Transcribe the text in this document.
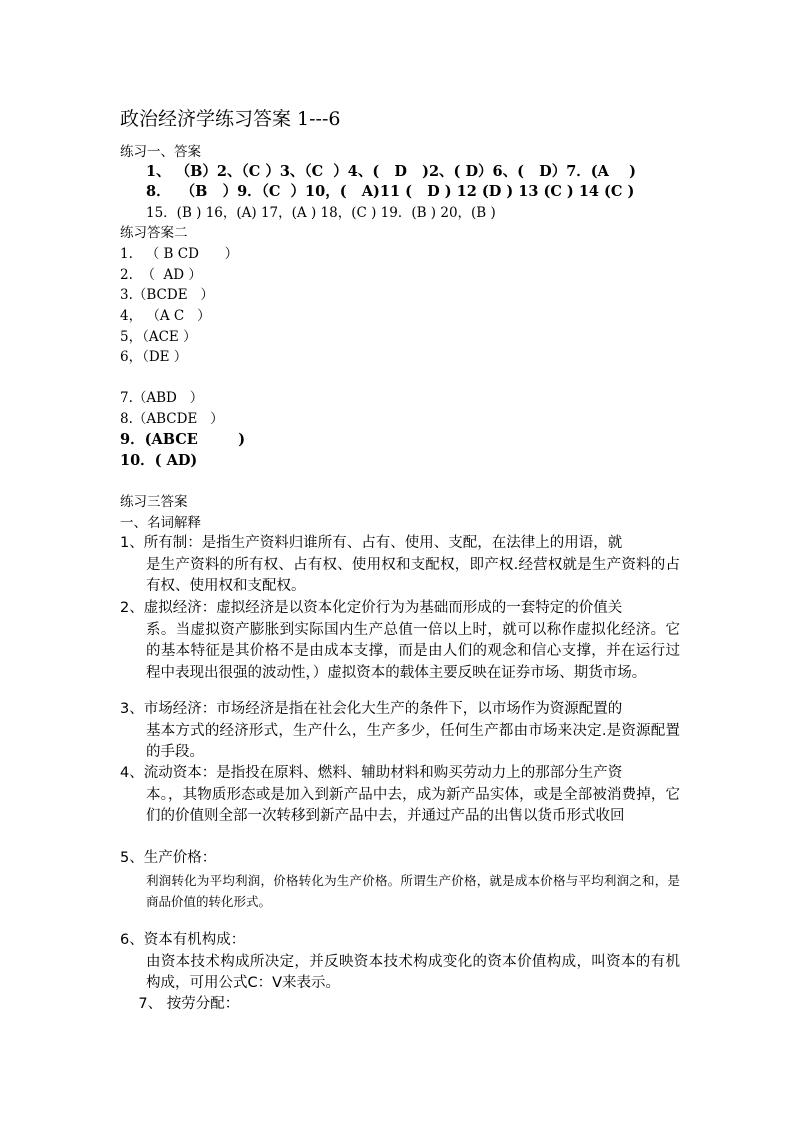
政治经济学练习答案 1---6
练习一、答案
1、 （B）2、（C ）3、（C  ）4、(   D   )2、( D）6、(   D）7．(A    )
8．  （B   ）9．（C  ）10，(   A)11 (   D ) 12 (D ) 13 (C ) 14 (C )
15．(B ) 16，(A) 17，(A ) 18，(C ) 19．(B ) 20，(B )
练习答案二
1.   （ B CD      ）
2.  （  AD ）
3.（BCDE   ）
4， （A C   ）
5，（ACE ）
6，（DE ）
7.（ABD   ）
8.（ABCDE   ）
9．(ABCE        )
10．( AD)
练习三答案
一、名词解释
1、所有制：是指生产资料归谁所有、占有、使用、支配，在法律上的用语，就
是生产资料的所有权、占有权、使用权和支配权，即产权.经营权就是生产资料的占有权、使用权和支配权。
2、虚拟经济：虚拟经济是以资本化定价行为为基础而形成的一套特定的价值关
系。当虚拟资产膨胀到实际国内生产总值一倍以上时，就可以称作虚拟化经济。它的基本特征是其价格不是由成本支撑，而是由人们的观念和信心支撑，并在运行过程中表现出很强的波动性，）虚拟资本的载体主要反映在证券市场、期货市场。
3、市场经济：市场经济是指在社会化大生产的条件下，以市场作为资源配置的
基本方式的经济形式，生产什么，生产多少，任何生产都由市场来决定.是资源配置的手段。
4、流动资本：是指投在原料、燃料、辅助材料和购买劳动力上的那部分生产资
本。，其物质形态或是加入到新产品中去，成为新产品实体，或是全部被消费掉，它们的价值则全部一次转移到新产品中去，并通过产品的出售以货币形式收回
5、生产价格：
利润转化为平均利润，价格转化为生产价格。所谓生产价格，就是成本价格与平均利润之和，是商品价值的转化形式。
6、资本有机构成：
由资本技术构成所决定，并反映资本技术构成变化的资本价值构成，叫资本的有机构成，可用公式C：V来表示。
7、 按劳分配：
